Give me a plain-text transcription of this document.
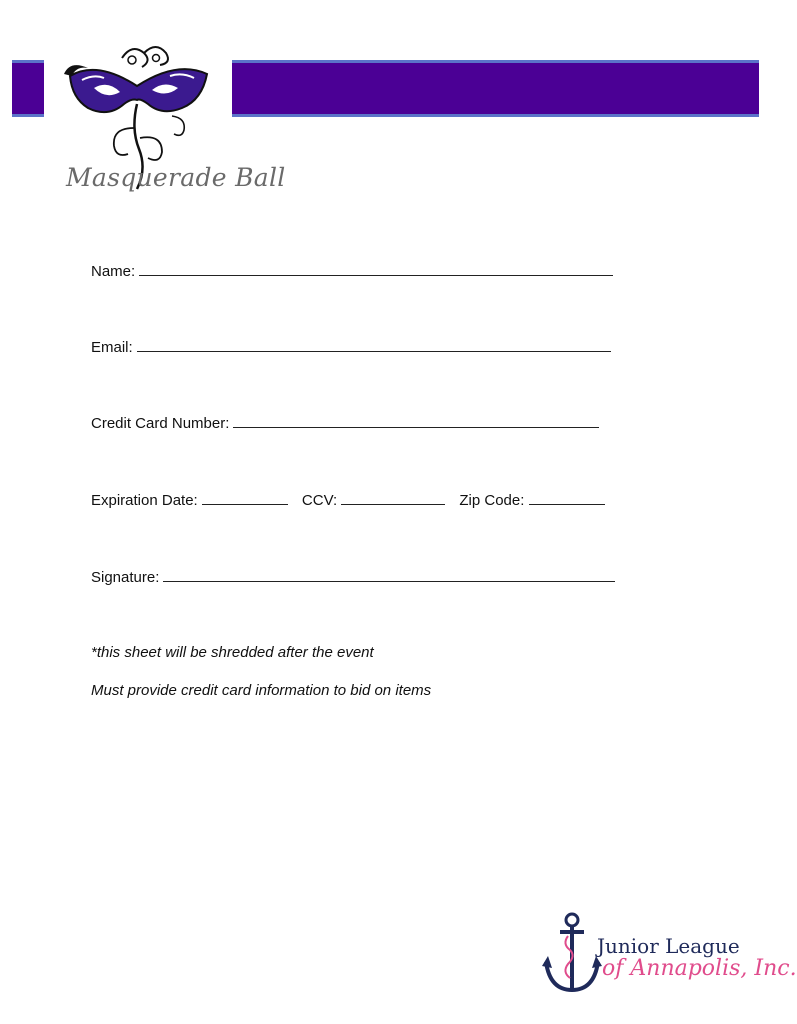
Masquerade Ball
Name:
Email:
Credit Card Number:
Expiration Date:	CCV:	Zip Code:
Signature:
*this sheet will be shredded after the event
Must provide credit card information to bid on items
Junior League
of Annapolis, Inc.
